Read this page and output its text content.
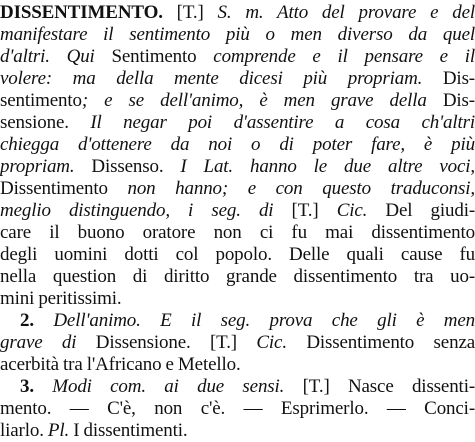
DISSENTIMENTO. [T.] S. m. Atto del provare e del
manifestare il sentimento più o men diverso da quel
d'altri. Qui Sentimento comprende e il pensare e il
volere: ma della mente dicesi più propriam. Dis-
sentimento; e se dell'animo, è men grave della Dis-
sensione. Il negar poi d'assentire a cosa ch'altri
chiegga d'ottenere da noi o di poter fare, è più
propriam. Dissenso. I Lat. hanno le due altre voci,
Dissentimento non hanno; e con questo traduconsi,
meglio distinguendo, i seg. di [T.] Cic. Del giudi-
care il buono oratore non ci fu mai dissentimento
degli uomini dotti col popolo. Delle quali cause fu
nella question di diritto grande dissentimento tra uo-
mini peritissimi.
2. Dell'animo. E il seg. prova che gli è men
grave di Dissensione. [T.] Cic. Dissentimento senza
acerbità tra l'Africano e Metello.
3. Modi com. ai due sensi. [T.] Nasce dissenti-
mento. — C'è, non c'è. — Esprimerlo. — Conci-
liarlo. Pl. I dissentimenti.
